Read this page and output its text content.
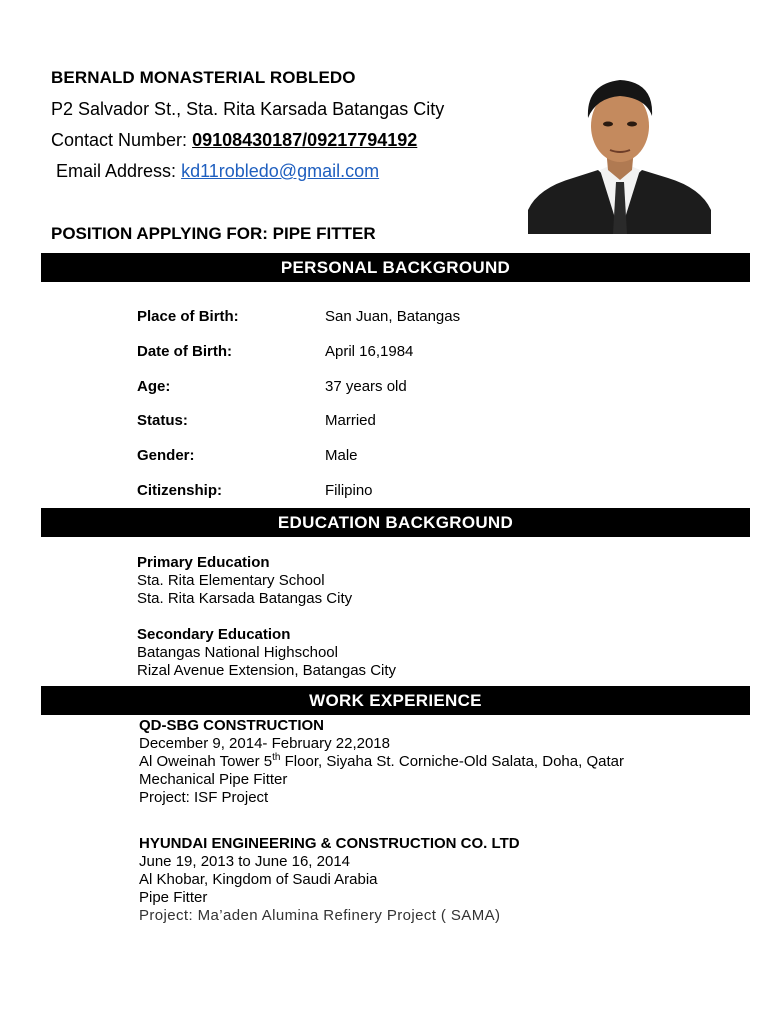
BERNALD MONASTERIAL ROBLEDO
P2 Salvador St., Sta. Rita Karsada Batangas City
Contact Number: 09108430187/09217794192
Email Address: kd11robledo@gmail.com
POSITION APPLYING FOR: PIPE FITTER
PERSONAL BACKGROUND
Place of Birth:	San Juan, Batangas
Date of Birth:	April 16,1984
Age:	37 years old
Status:	Married
Gender:	Male
Citizenship:	Filipino
EDUCATION BACKGROUND
Primary Education
Sta. Rita Elementary School
Sta. Rita Karsada Batangas City
Secondary Education
Batangas National Highschool
Rizal Avenue Extension, Batangas City
WORK EXPERIENCE
QD-SBG CONSTRUCTION
December 9, 2014- February 22,2018
Al Oweinah Tower 5th Floor, Siyaha St. Corniche-Old Salata, Doha, Qatar
Mechanical Pipe Fitter
Project: ISF Project
HYUNDAI ENGINEERING & CONSTRUCTION CO. LTD
June 19, 2013 to June 16, 2014
Al Khobar, Kingdom of Saudi Arabia
Pipe Fitter
Project: Ma’aden Alumina Refinery Project ( SAMA)
